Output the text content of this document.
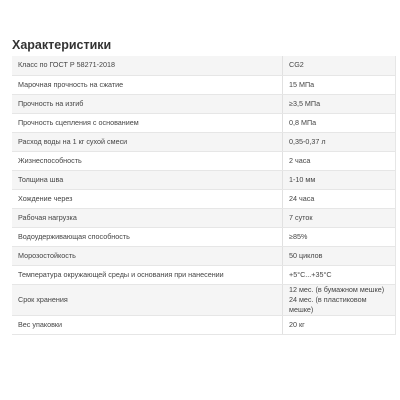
Характеристики
Класс по ГОСТ Р 58271-2018	CG2
Марочная прочность на сжатие	15 МПа
Прочность на изгиб	≥3,5 МПа
Прочность сцепления с основанием	0,8 МПа
Расход воды на 1 кг сухой смеси	0,35-0,37 л
Жизнеспособность	2 часа
Толщина шва	1-10 мм
Хождение через	24 часа
Рабочая нагрузка	7 суток
Водоудерживающая способность	≥85%
Морозостойкость	50 циклов
Температура окружающей среды и основания при нанесении	+5°C...+35°C
Срок хранения	12 мес. (в бумажном мешке)
24 мес. (в пластиковом мешке)

Вес упаковки	20 кг
